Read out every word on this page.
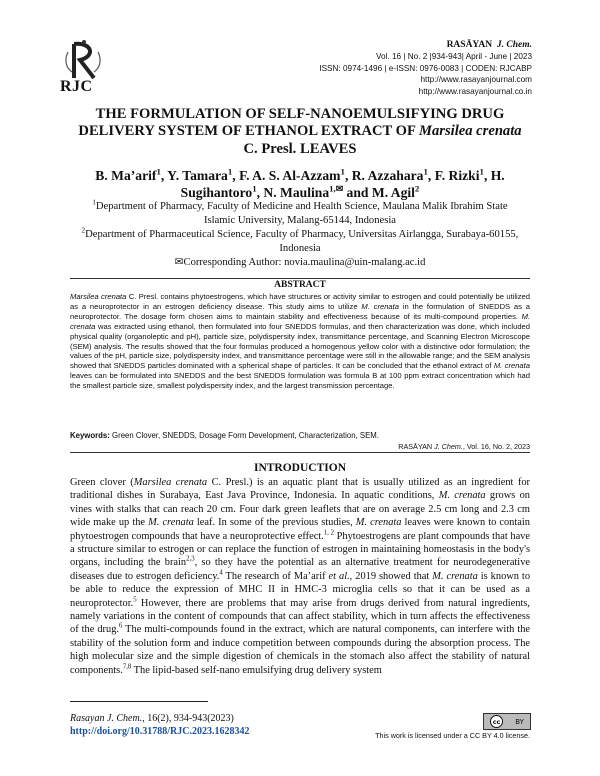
RJC
RASĀYAN J. Chem.
Vol. 16 | No. 2 |934-943| April - June | 2023
ISSN: 0974-1496 | e-ISSN: 0976-0083 | CODEN: RJCABP
http://www.rasayanjournal.com
http://www.rasayanjournal.co.in
THE FORMULATION OF SELF-NANOEMULSIFYING DRUG DELIVERY SYSTEM OF ETHANOL EXTRACT OF Marsilea crenata C. Presl. LEAVES
B. Ma’arif$^1$, Y. Tamara$^1$, F. A. S. Al-Azzam$^1$, R. Azzahara$^1$, F. Rizki$^1$, H. Sugihantoro$^1$, N. Maulina$^{1,✉}$ and M. Agil$^2$
$^1$Department of Pharmacy, Faculty of Medicine and Health Science, Maulana Malik Ibrahim State Islamic University, Malang-65144, Indonesia
$^2$Department of Pharmaceutical Science, Faculty of Pharmacy, Universitas Airlangga, Surabaya-60155, Indonesia
✉Corresponding Author: novia.maulina@uin-malang.ac.id
ABSTRACT
Marsilea crenata C. Presl. contains phytoestrogens, which have structures or activity similar to estrogen and could potentially be utilized as a neuroprotector in an estrogen deficiency disease. This study aims to utilize M. crenata in the formulation of SNEDDS as a neuroprotector. The dosage form chosen aims to maintain stability and effectiveness because of its multi-compound properties. M. crenata was extracted using ethanol, then formulated into four SNEDDS formulas, and then characterization was done, which included physical quality (organoleptic and pH), particle size, polydispersity index, transmittance percentage, and Scanning Electron Microscope (SEM) analysis. The results showed that the four formulas produced a homogenous yellow color with a distinctive odor formulation; the values of the pH, particle size, polydispersity index, and transmittance percentage were still in the allowable range; and the SEM analysis showed that SNEDDS particles dominated with a spherical shape of particles. It can be concluded that the ethanol extract of M. crenata leaves can be formulated into SNEDDS and the best SNEDDS formulation was formula B at 100 ppm extract concentration which had the smallest particle size, smallest polydispersity index, and the largest transmission percentage.
Keywords: Green Clover, SNEDDS, Dosage Form Development, Characterization, SEM.
RASĀYAN J. Chem., Vol. 16, No. 2, 2023
INTRODUCTION
Green clover (Marsilea crenata C. Presl.) is an aquatic plant that is usually utilized as an ingredient for traditional dishes in Surabaya, East Java Province, Indonesia. In aquatic conditions, M. crenata grows on vines with stalks that can reach 20 cm. Four dark green leaflets that are on average 2.5 cm long and 2.3 cm wide make up the M. crenata leaf. In some of the previous studies, M. crenata leaves were known to contain phytoestrogen compounds that have a neuroprotective effect.$^{1, 2}$ Phytoestrogens are plant compounds that have a structure similar to estrogen or can replace the function of estrogen in maintaining homeostasis in the body's organs, including the brain$^{2,3}$, so they have the potential as an alternative treatment for neurodegenerative diseases due to estrogen deficiency.$^4$ The research of Ma’arif et al., 2019 showed that M. crenata is known to be able to reduce the expression of MHC II in HMC-3 microglia cells so that it can be used as a neuroprotector.$^5$ However, there are problems that may arise from drugs derived from natural ingredients, namely variations in the content of compounds that can affect stability, which in turn affects the effectiveness of the drug.$^6$ The multi-compounds found in the extract, which are natural components, can interfere with the stability of the solution form and induce competition between compounds during the absorption process. The high molecular size and the simple digestion of chemicals in the stomach also affect the stability of natural components.$^{7,8}$ The lipid-based self-nano emulsifying drug delivery system
Rasayan J. Chem., 16(2), 934-943(2023)
http://doi.org/10.31788/RJC.2023.1628342
cc	BY
This work is licensed under a CC BY 4.0 license.
